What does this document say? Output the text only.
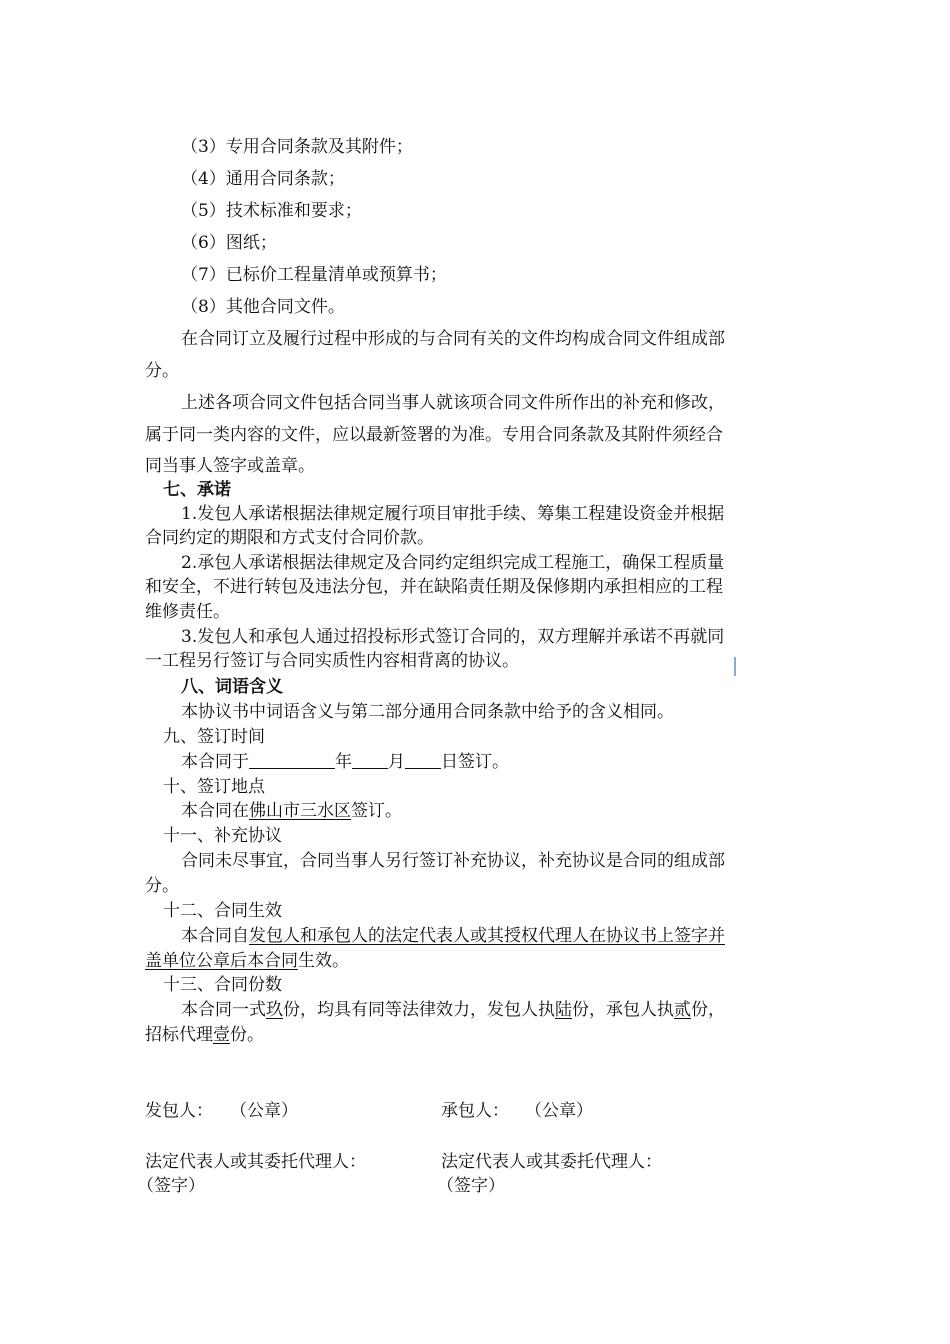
（3）专用合同条款及其附件；
（4）通用合同条款；
（5）技术标准和要求；
（6）图纸；
（7）已标价工程量清单或预算书；
（8）其他合同文件。
在合同订立及履行过程中形成的与合同有关的文件均构成合同文件组成部
分。
上述各项合同文件包括合同当事人就该项合同文件所作出的补充和修改，
属于同一类内容的文件，应以最新签署的为准。专用合同条款及其附件须经合
同当事人签字或盖章。
七、承诺
1.发包人承诺根据法律规定履行项目审批手续、筹集工程建设资金并根据
合同约定的期限和方式支付合同价款。
2.承包人承诺根据法律规定及合同约定组织完成工程施工，确保工程质量
和安全，不进行转包及违法分包，并在缺陷责任期及保修期内承担相应的工程
维修责任。
3.发包人和承包人通过招投标形式签订合同的，双方理解并承诺不再就同
一工程另行签订与合同实质性内容相背离的协议。
八、词语含义
本协议书中词语含义与第二部分通用合同条款中给予的含义相同。
九、签订时间
本合同于	年 月 日签订。
十、签订地点
本合同在佛山市三水区签订。
十一、补充协议
合同未尽事宜，合同当事人另行签订补充协议，补充协议是合同的组成部
分。
十二、合同生效
本合同自发包人和承包人的法定代表人或其授权代理人在协议书上签字并
盖单位公章后本合同生效。
十三、合同份数
本合同一式玖份，均具有同等法律效力，发包人执陆份，承包人执贰份，
招标代理壹份。
发包人： （公章）	承包人： （公章）
法定代表人或其委托代理人：	法定代表人或其委托代理人：
（签字）	（签字）
